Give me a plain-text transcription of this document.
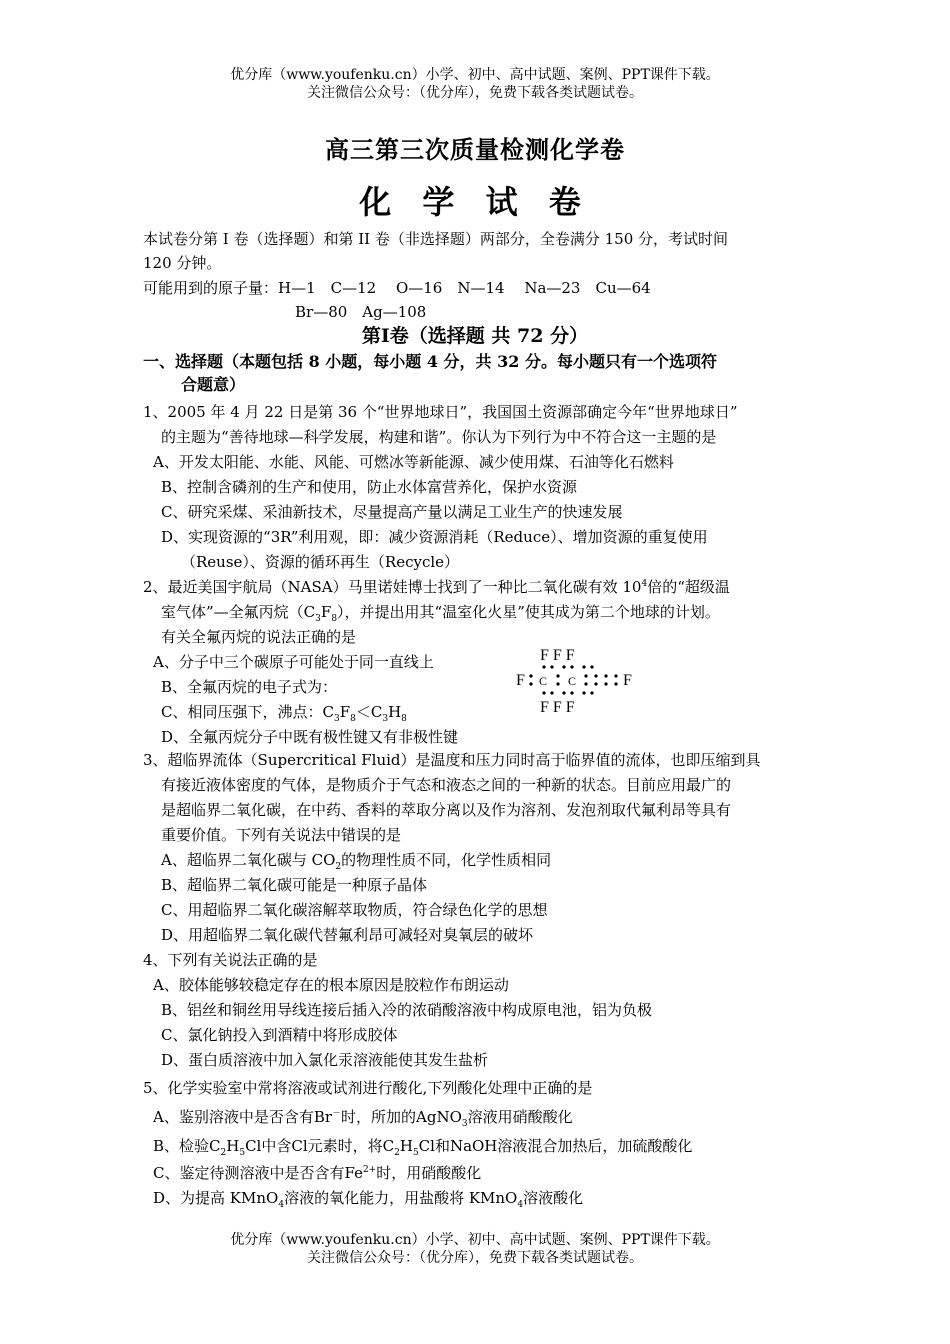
优分库（www.youfenku.cn）小学、初中、高中试题、案例、PPT课件下载。
关注微信公众号：（优分库），免费下载各类试题试卷。
高三第三次质量检测化学卷
化 学 试 卷
本试卷分第 I 卷（选择题）和第 II 卷（非选择题）两部分，全卷满分 150 分，考试时间
120 分钟。
可能用到的原子量：H—1　C—12　 O—16　N—14　 Na—23　Cu—64
Br—80　Ag—108
第Ⅰ卷（选择题 共 72 分）
一、选择题（本题包括 8 小题，每小题 4 分，共 32 分。每小题只有一个选项符
合题意）
1、2005 年 4 月 22 日是第 36 个“世界地球日”，我国国土资源部确定今年“世界地球日”
的主题为“善待地球—科学发展，构建和谐”。你认为下列行为中不符合这一主题的是
A、开发太阳能、水能、风能、可燃冰等新能源、减少使用煤、石油等化石燃料
B、控制含磷剂的生产和使用，防止水体富营养化，保护水资源
C、研究采煤、采油新技术，尽量提高产量以满足工业生产的快速发展
D、实现资源的“3R”利用观，即：减少资源消耗（Reduce）、增加资源的重复使用
（Reuse）、资源的循环再生（Recycle）
2、最近美国宇航局（NASA）马里诺娃博士找到了一种比二氧化碳有效 $10^4$倍的“超级温
室气体”—全氟丙烷$(C_3F_8)$，并提出用其“温室化火星”使其成为第二个地球的计划。
有关全氟丙烷的说法正确的是
A、分子中三个碳原子可能处于同一直线上
B、全氟丙烷的电子式为：
C、相同压强下，沸点：$C_3F_8<C_3H_8$
D、全氟丙烷分子中既有极性键又有非极性键
F F F
F C C	F
F F F
3、超临界流体（Supercritical Fluid）是温度和压力同时高于临界值的流体，也即压缩到具
有接近液体密度的气体，是物质介于气态和液态之间的一种新的状态。目前应用最广的
是超临界二氧化碳，在中药、香料的萃取分离以及作为溶剂、发泡剂取代氟利昂等具有
重要价值。下列有关说法中错误的是
A、超临界二氧化碳与 $CO_2$的物理性质不同，化学性质相同
B、超临界二氧化碳可能是一种原子晶体
C、用超临界二氧化碳溶解萃取物质，符合绿色化学的思想
D、用超临界二氧化碳代替氟利昂可减轻对臭氧层的破坏
4、下列有关说法正确的是
A、胶体能够较稳定存在的根本原因是胶粒作布朗运动
B、铝丝和铜丝用导线连接后插入冷的浓硝酸溶液中构成原电池，铝为负极
C、氯化钠投入到酒精中将形成胶体
D、蛋白质溶液中加入氯化汞溶液能使其发生盐析
5、化学实验室中常将溶液或试剂进行酸化,下列酸化处理中正确的是
A、鉴别溶液中是否含有Br－时，所加的AgNO$_3$溶液用硝酸酸化
B、检验$C_2H_5Cl$中含Cl元素时，将$C_2H_5Cl$和NaOH溶液混合加热后，加硫酸酸化
C、鉴定待测溶液中是否含有$Fe^{2+}$时，用硝酸酸化
D、为提高 KMnO$_4$溶液的氧化能力，用盐酸将 KMnO$_4$溶液酸化
优分库（www.youfenku.cn）小学、初中、高中试题、案例、PPT课件下载。
关注微信公众号：（优分库），免费下载各类试题试卷。
